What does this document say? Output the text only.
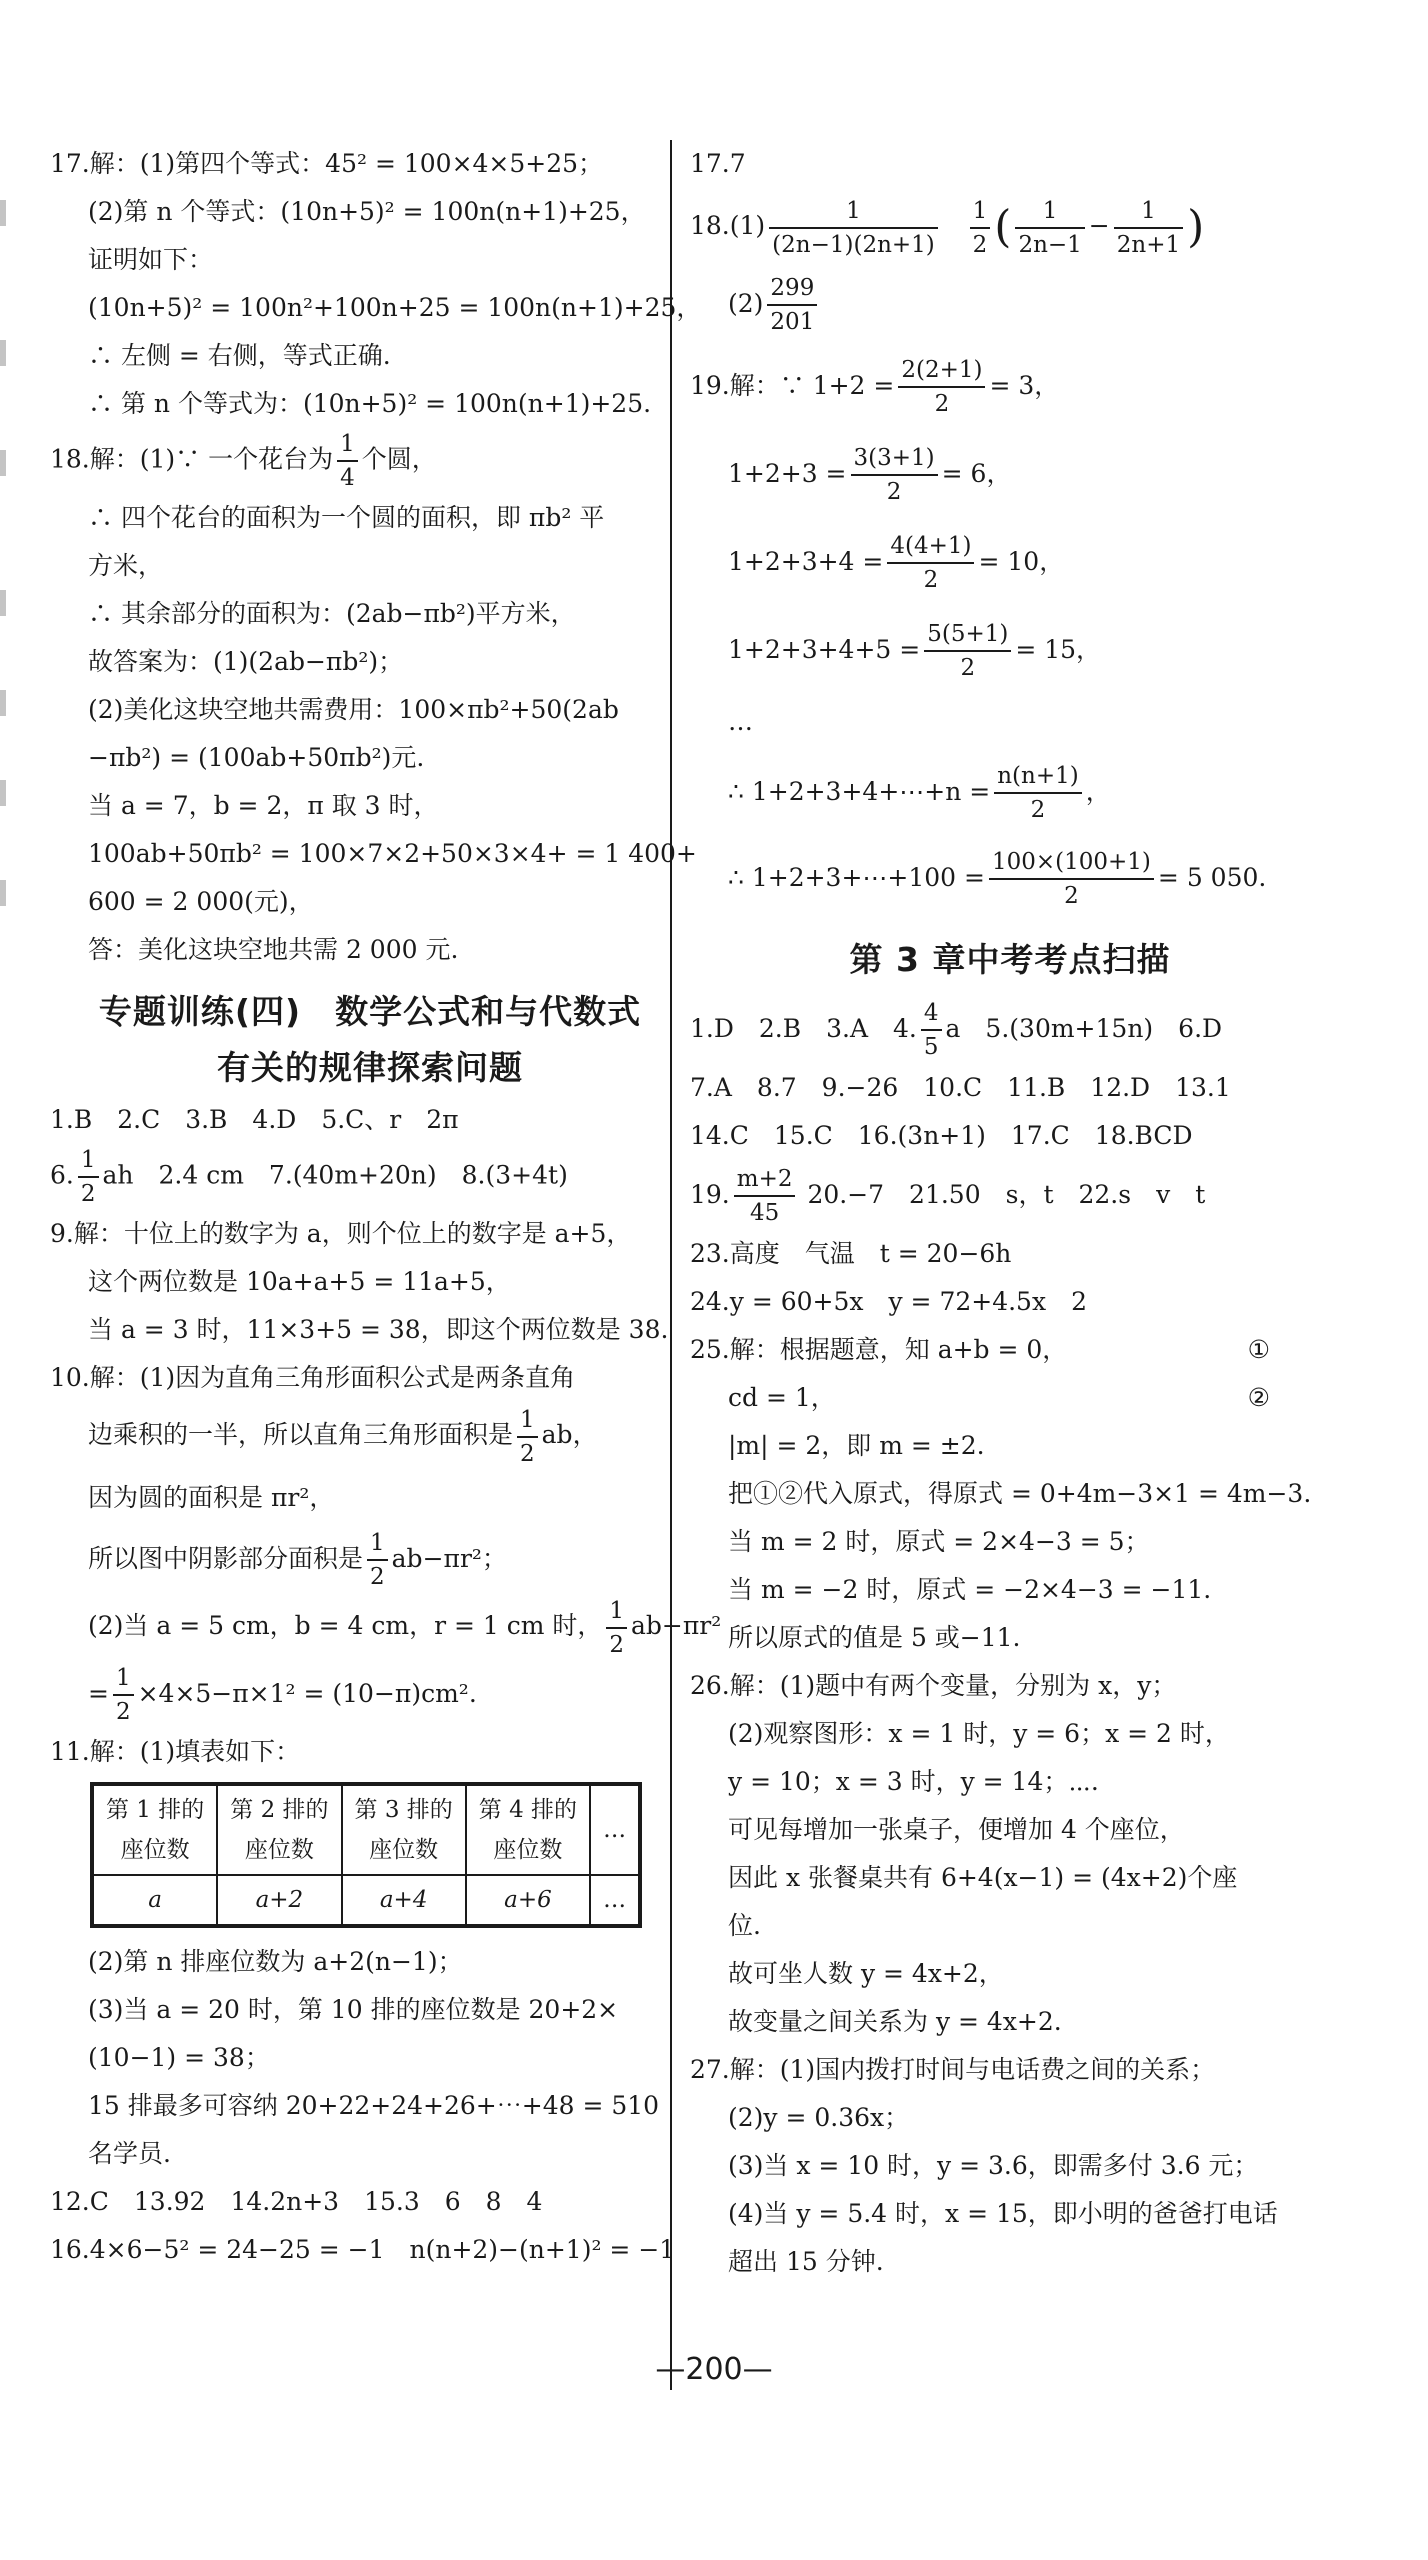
17.解：(1)第四个等式：45² = 100×4×5+25；
(2)第 n 个等式：(10n+5)² = 100n(n+1)+25，
证明如下：
(10n+5)² = 100n²+100n+25 = 100n(n+1)+25，
∴ 左侧 = 右侧，等式正确.
∴ 第 n 个等式为：(10n+5)² = 100n(n+1)+25.
18.解：(1)∵ 一个花台为 $\frac{1}{4}$ 个圆，
∴ 四个花台的面积为一个圆的面积，即 πb² 平
方米，
∴ 其余部分的面积为：(2ab−πb²)平方米，
故答案为：(1)(2ab−πb²)；
(2)美化这块空地共需费用：100×πb²+50(2ab
−πb²) = (100ab+50πb²)元.
当 a = 7，b = 2，π 取 3 时，
100ab+50πb² = 100×7×2+50×3×4+ = 1 400+
600 = 2 000(元)，
答：美化这块空地共需 2 000 元.
专题训练(四)　数学公式和与代数式
有关的规律探索问题
1.B　2.C　3.B　4.D　5.C、r　2π
6. $\frac{1}{2}$ ah　2.4 cm　7.(40m+20n)　8.(3+4t)
9.解：十位上的数字为 a，则个位上的数字是 a+5，
这个两位数是 10a+a+5 = 11a+5，
当 a = 3 时，11×3+5 = 38，即这个两位数是 38.
10.解：(1)因为直角三角形面积公式是两条直角
边乘积的一半，所以直角三角形面积是 $\frac{1}{2}$ ab，
因为圆的面积是 πr²，
所以图中阴影部分面积是 $\frac{1}{2} ab-\pi r^2$；
(2)当 a = 5 cm，b = 4 cm，r = 1 cm 时， $\frac{1}{2} ab-\pi r^2$
= $\frac{1}{2} \times 4\times 5-\pi\times 1^2 = (10-\pi)cm^2$.
11.解：(1)填表如下：
第 1 排的
座位数	第 2 排的
座位数	第 3 排的
座位数	第 4 排的
座位数	…
a	a+2	a+4	a+6	…
(2)第 n 排座位数为 a+2(n−1)；
(3)当 a = 20 时，第 10 排的座位数是 20+2×
(10−1) = 38；
15 排最多可容纳 20+22+24+26+⋯+48 = 510
名学员.
12.C　13.92　14.2n+3　15.3　6　8　4
16.4×6−5² = 24−25 = −1　n(n+2)−(n+1)² = −1
17.7
$18.(1) \frac{1}{(2n-1)(2n+1)}$
$\frac{1}{2}$ ( $\frac{1}{2n-1} - \frac{1}{2n+1}$ )
$(2) \frac{299}{201}$
19.解：∵ $1+2 = \frac{2(2+1)}{2} = 3$，
$1+2+3 = \frac{3(3+1)}{2} = 6$，
$1+2+3+4 = \frac{4(4+1)}{2} = 10$，
$1+2+3+4+5 = \frac{5(5+1)}{2} = 15$，
…
∴ 1+2+3+4+⋯+n = $\frac{n(n+1)}{2}$ ，
∴ 1+2+3+⋯+100 = $\frac{100\times(100+1)}{2} = 5$ 050.
第 3 章中考考点扫描
1.D　2.B　3.A　4. $\frac{4}{5}$ a　5.(30m+15n)　6.D
7.A　8.7　9.−26　10.C　11.B　12.D　13.1
14.C　15.C　16.(3n+1)　17.C　18.BCD
19. $\frac{m+2}{45} 20.-7$　21.50　s，t　22.s　v　t
23.高度　气温　t = 20−6h
24.y = 60+5x　y = 72+4.5x　2
25.解：根据题意，知 a+b = 0，	①
cd = 1，	②
|m| = 2，即 m = ±2.
把①②代入原式，得原式 = 0+4m−3×1 = 4m−3.
当 m = 2 时，原式 = 2×4−3 = 5；
当 m = −2 时，原式 = −2×4−3 = −11.
所以原式的值是 5 或−11.
26.解：(1)题中有两个变量，分别为 x，y；
(2)观察图形：x = 1 时，y = 6；x = 2 时，
y = 10；x = 3 时，y = 14；⋯.
可见每增加一张桌子，便增加 4 个座位，
因此 x 张餐桌共有 6+4(x−1) = (4x+2)个座
位.
故可坐人数 y = 4x+2，
故变量之间关系为 y = 4x+2.
27.解：(1)国内拨打时间与电话费之间的关系；
(2)y = 0.36x；
(3)当 x = 10 时，y = 3.6，即需多付 3.6 元；
(4)当 y = 5.4 时，x = 15，即小明的爸爸打电话
超出 15 分钟.
—200—
